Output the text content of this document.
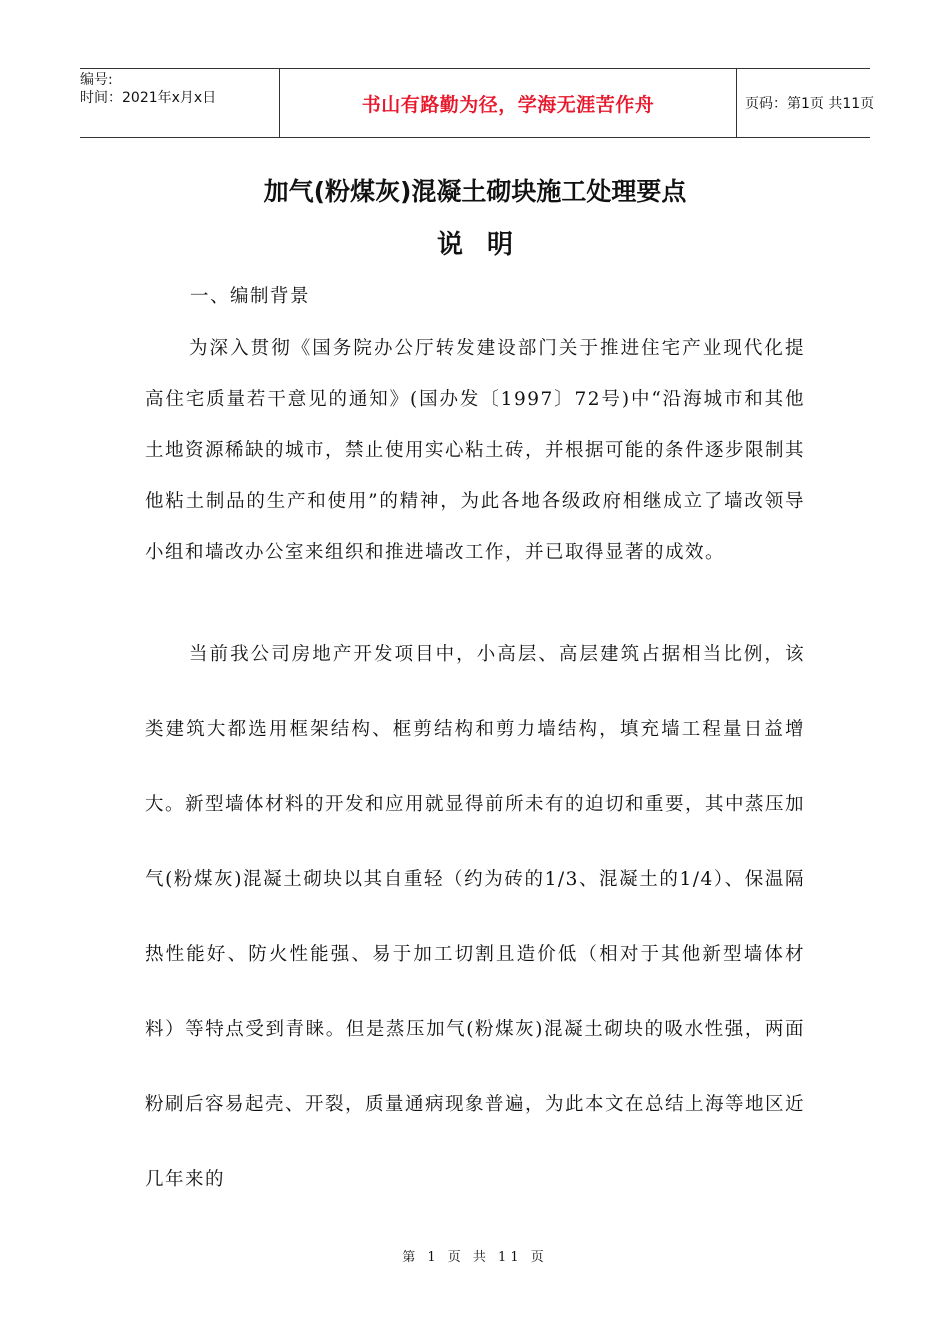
编号:
时间：2021年x月x日	书山有路勤为径，学海无涯苦作舟	页码：第1页 共11页
加气(粉煤灰)混凝土砌块施工处理要点
说明
一、编制背景
为深入贯彻《国务院办公厅转发建设部门关于推进住宅产业现代化提高住宅质量若干意见的通知》(国办发〔1997〕72号)中“沿海城市和其他土地资源稀缺的城市，禁止使用实心粘土砖，并根据可能的条件逐步限制其他粘土制品的生产和使用”的精神，为此各地各级政府相继成立了墙改领导小组和墙改办公室来组织和推进墙改工作，并已取得显著的成效。
当前我公司房地产开发项目中，小高层、高层建筑占据相当比例，该类建筑大都选用框架结构、框剪结构和剪力墙结构，填充墙工程量日益增大。新型墙体材料的开发和应用就显得前所未有的迫切和重要，其中蒸压加气(粉煤灰)混凝土砌块以其自重轻（约为砖的1/3、混凝土的1/4）、保温隔热性能好、防火性能强、易于加工切割且造价低（相对于其他新型墙体材料）等特点受到青睐。但是蒸压加气(粉煤灰)混凝土砌块的吸水性强，两面粉刷后容易起壳、开裂，质量通病现象普遍，为此本文在总结上海等地区近几年来的
第 1 页 共 11 页
